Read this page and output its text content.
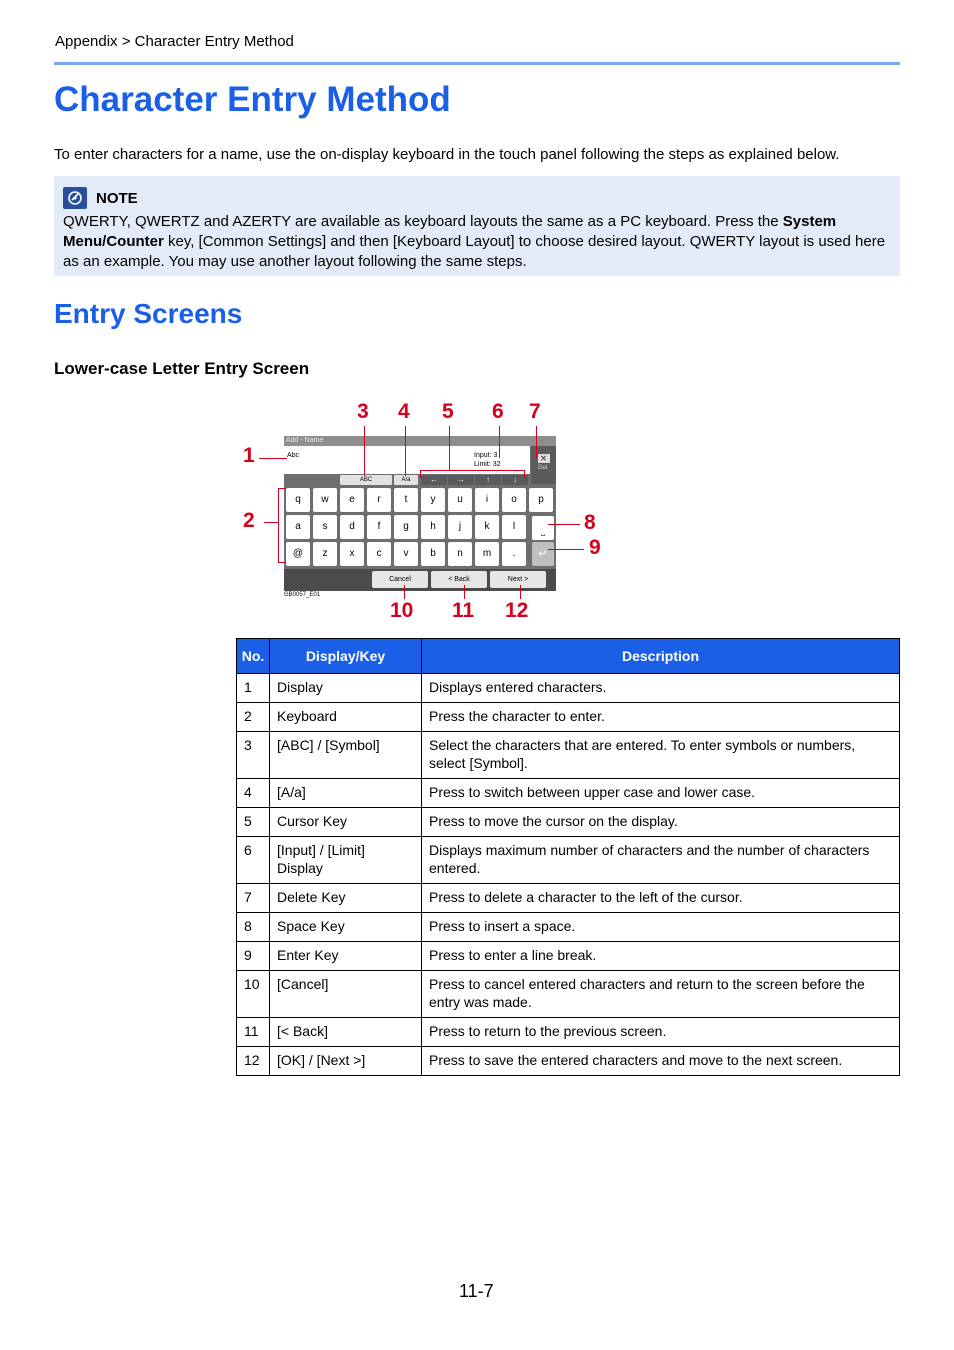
Appendix > Character Entry Method
Character Entry Method
To enter characters for a name, use the on-display keyboard in the touch panel following the steps as explained below.
NOTE
QWERTY, QWERTZ and AZERTY are available as keyboard layouts the same as a PC keyboard. Press the System Menu/Counter key, [Common Settings] and then [Keyboard Layout] to choose desired layout. QWERTY layout is used here as an example. You may use another layout following the same steps.
Entry Screens
Lower-case Letter Entry Screen
Add - Name
Abc	Input: 3
Limit: 32
✕
Del.
ABC	A/a	←	→	↑	↓
q	w	e	r	t	y	u	i	o	p
a	s	d	f	g	h	j	k	l
@	z	x	c	v	b	n	m	.
⎵
↵
Cancel	< Back	Next >
GB0057_E01
1
2
3 4 5 6 7
8
9
10 11 12
No.	Display/Key	Description
1	Display	Displays entered characters.
2	Keyboard	Press the character to enter.
3	[ABC] / [Symbol]	Select the characters that are entered. To enter symbols or numbers, select [Symbol].
4	[A/a]	Press to switch between upper case and lower case.
5	Cursor Key	Press to move the cursor on the display.
6	[Input] / [Limit] Display	Displays maximum number of characters and the number of characters entered.
7	Delete Key	Press to delete a character to the left of the cursor.
8	Space Key	Press to insert a space.
9	Enter Key	Press to enter a line break.
10	[Cancel]	Press to cancel entered characters and return to the screen before the entry was made.
11	[< Back]	Press to return to the previous screen.
12	[OK] / [Next >]	Press to save the entered characters and move to the next screen.
11-7
